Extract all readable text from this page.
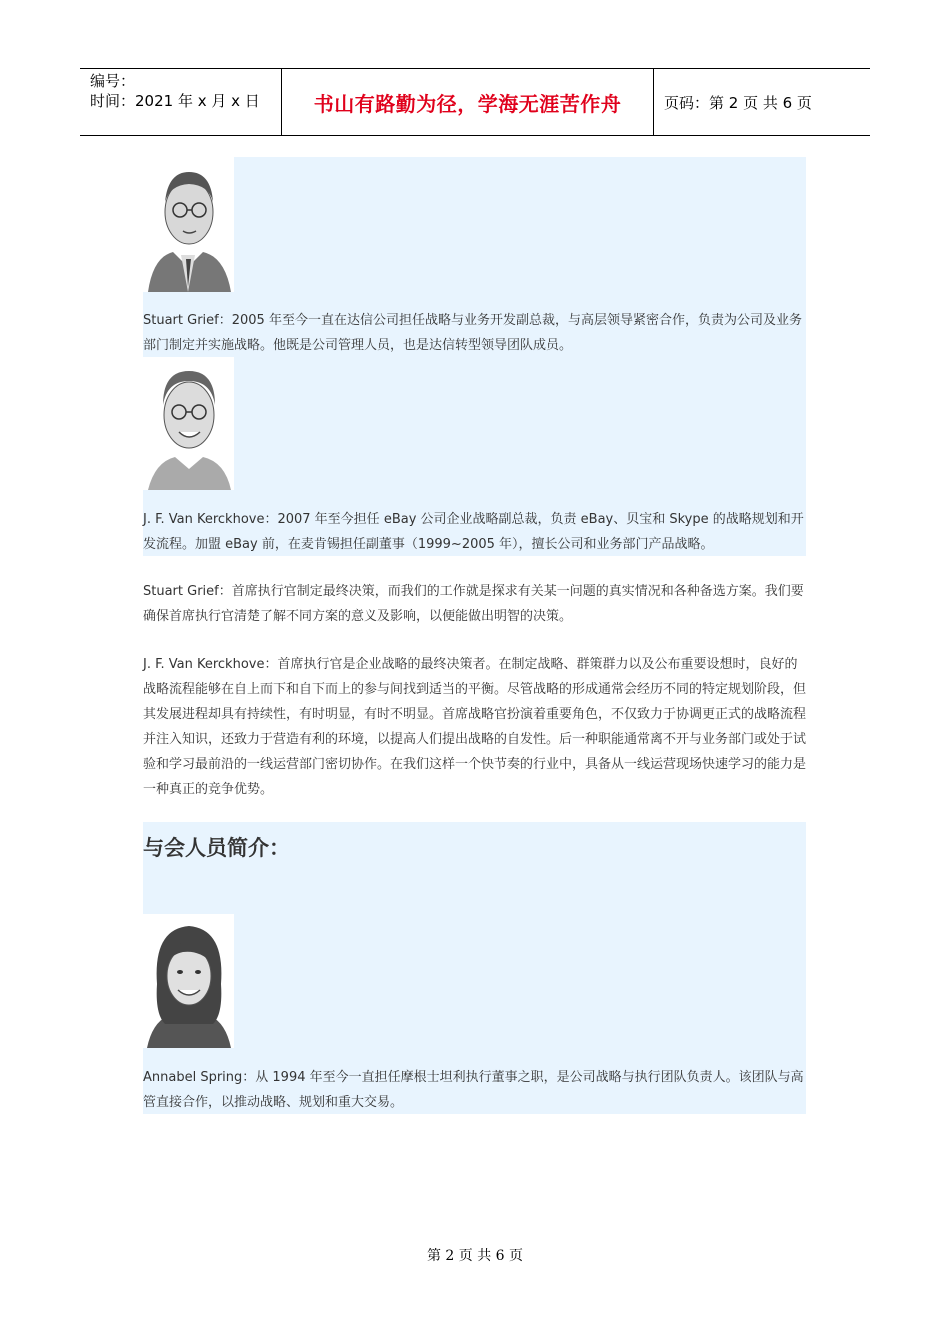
编号：
时间：2021 年 x 月 x 日	书山有路勤为径，学海无涯苦作舟	页码：第 2 页 共 6 页
Stuart Grief：2005 年至今一直在达信公司担任战略与业务开发副总裁，与高层领导紧密合作，负责为公司及业务部门制定并实施战略。他既是公司管理人员，也是达信转型领导团队成员。
J. F. Van Kerckhove：2007 年至今担任 eBay 公司企业战略副总裁，负责 eBay、贝宝和 Skype 的战略规划和开发流程。加盟 eBay 前，在麦肯锡担任副董事（1999~2005 年），擅长公司和业务部门产品战略。
Stuart Grief：首席执行官制定最终决策，而我们的工作就是探求有关某一问题的真实情况和各种备选方案。我们要确保首席执行官清楚了解不同方案的意义及影响，以便能做出明智的决策。
J. F. Van Kerckhove：首席执行官是企业战略的最终决策者。在制定战略、群策群力以及公布重要设想时，良好的战略流程能够在自上而下和自下而上的参与间找到适当的平衡。尽管战略的形成通常会经历不同的特定规划阶段，但其发展进程却具有持续性，有时明显，有时不明显。首席战略官扮演着重要角色，不仅致力于协调更正式的战略流程并注入知识，还致力于营造有利的环境，以提高人们提出战略的自发性。后一种职能通常离不开与业务部门或处于试验和学习最前沿的一线运营部门密切协作。在我们这样一个快节奏的行业中，具备从一线运营现场快速学习的能力是一种真正的竞争优势。
与会人员简介：
Annabel Spring：从 1994 年至今一直担任摩根士坦利执行董事之职，是公司战略与执行团队负责人。该团队与高管直接合作，以推动战略、规划和重大交易。
第 2 页 共 6 页
